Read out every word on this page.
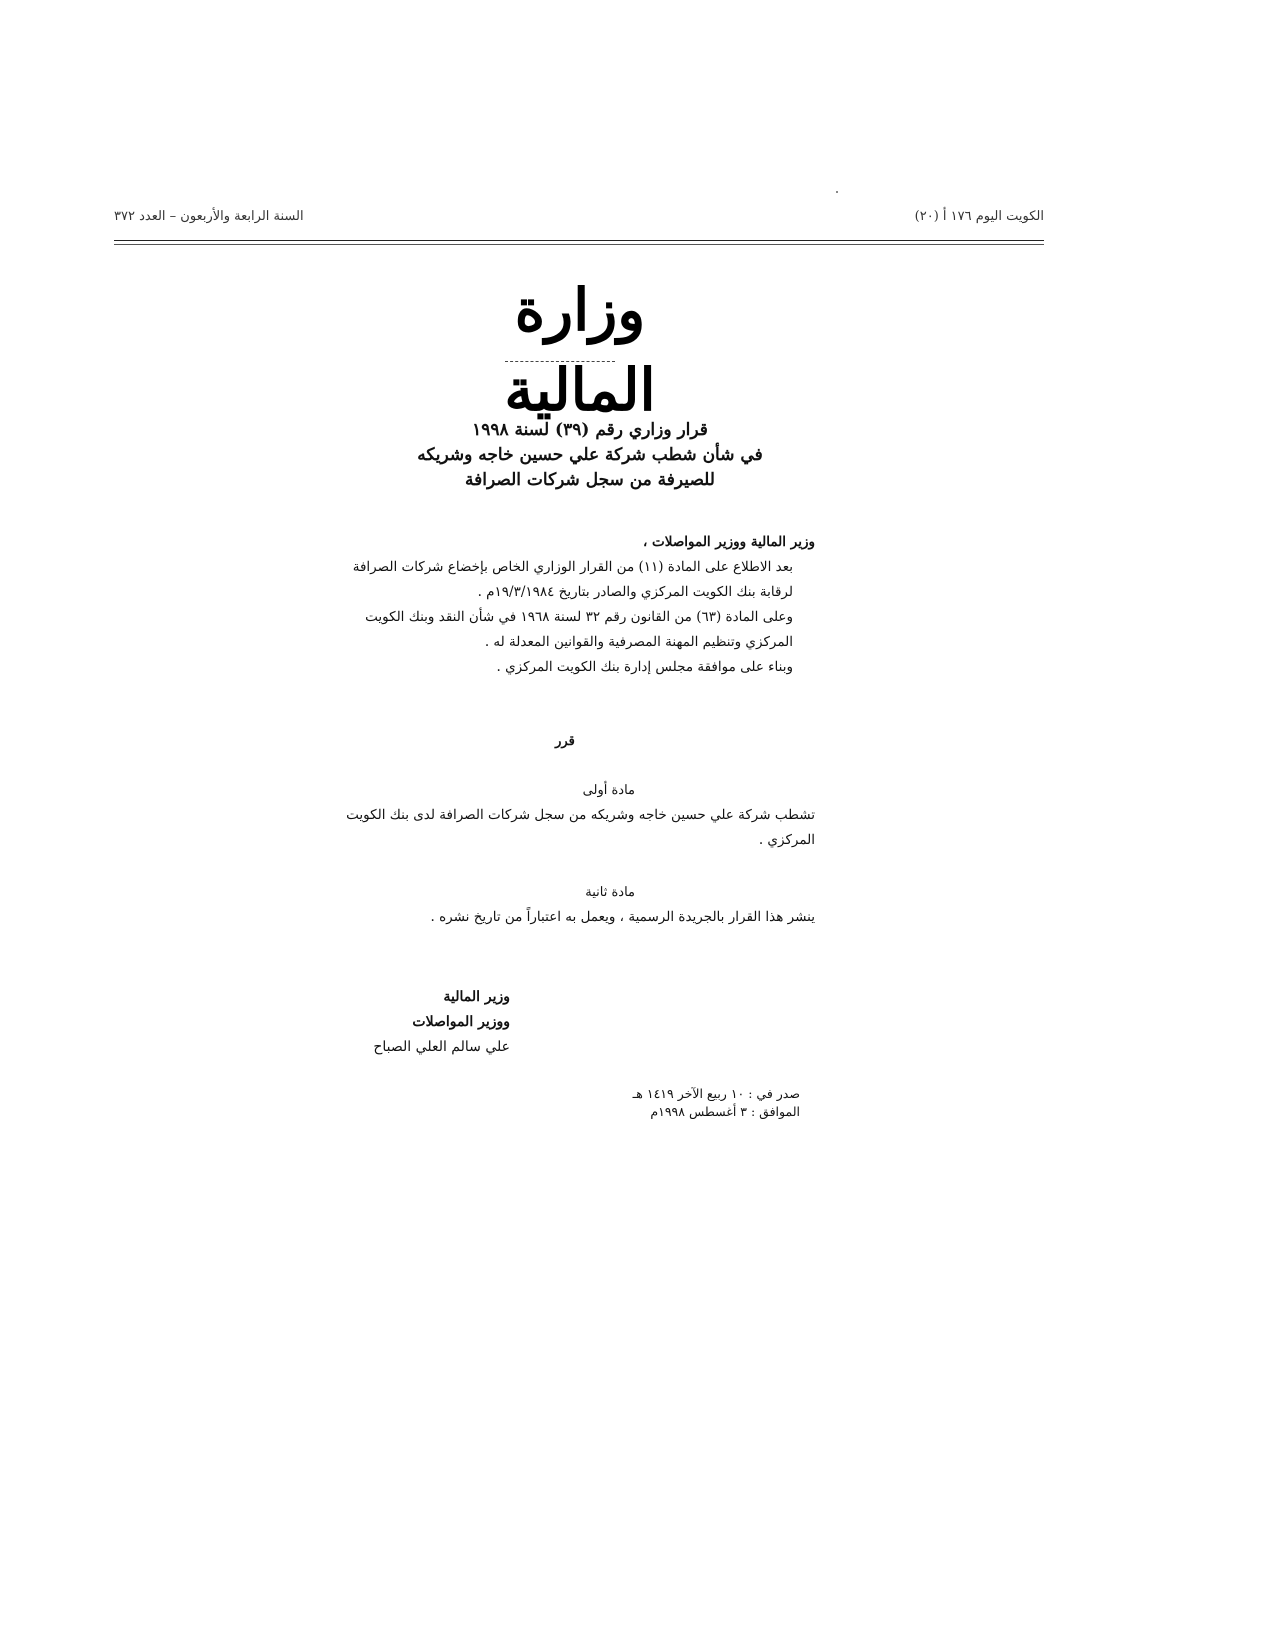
السنة الرابعة والأربعون – العدد ٣٧٢	الكويت اليوم ١٧٦ أ (٢٠)
وزارة المالية
قرار وزاري رقم (٣٩) لسنة ١٩٩٨
في شأن شطب شركة علي حسين خاجه وشريكه
للصيرفة من سجل شركات الصرافة
وزير المالية ووزير المواصلات ،
بعد الاطلاع على المادة (١١) من القرار الوزاري الخاص بإخضاع شركات الصرافة لرقابة بنك الكويت المركزي والصادر بتاريخ ١٩/٣/١٩٨٤م .
وعلى المادة (٦٣) من القانون رقم ٣٢ لسنة ١٩٦٨ في شأن النقد وبنك الكويت المركزي وتنظيم المهنة المصرفية والقوانين المعدلة له .
وبناء على موافقة مجلس إدارة بنك الكويت المركزي .
قرر
مادة أولى
تشطب شركة علي حسين خاجه وشريكه من سجل شركات الصرافة لدى بنك الكويت المركزي .
مادة ثانية
ينشر هذا القرار بالجريدة الرسمية ، ويعمل به اعتباراً من تاريخ نشره .
وزير المالية
ووزير المواصلات
علي سالم العلي الصباح
صدر في : ١٠ ربيع الآخر ١٤١٩ هـ
الموافق : ٣ أغسطس ١٩٩٨م
